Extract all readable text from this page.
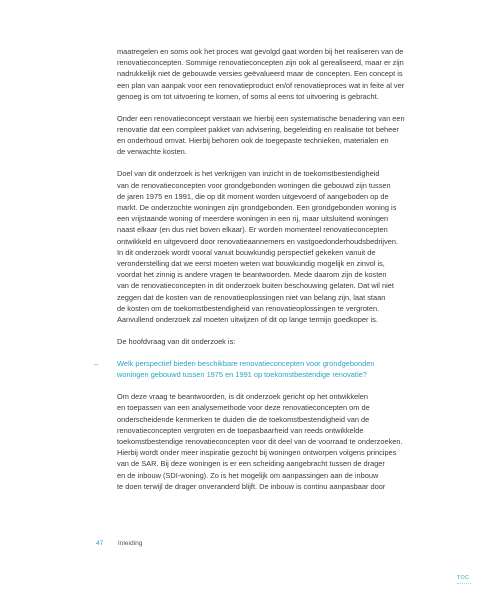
maatregelen en soms ook het proces wat gevolgd gaat worden bij het realiseren van de
renovatieconcepten. Sommige renovatieconcepten zijn ook al gerealiseerd, maar er zijn
nadrukkelijk niet de gebouwde versies geëvalueerd maar de concepten. Een concept is
een plan van aanpak voor een renovatieproduct en/of renovatieproces wat in feite al ver
genoeg is om tot uitvoering te komen, of soms al eens tot uitvoering is gebracht.
Onder een renovatieconcept verstaan we hierbij een systematische benadering van een
renovatie dat een compleet pakket van advisering, begeleiding en realisatie tot beheer
en onderhoud omvat. Hierbij behoren ook de toegepaste technieken, materialen en
de verwachte kosten.
Doel van dit onderzoek is het verkrijgen van inzicht in de toekomstbestendigheid
van de renovatieconcepten voor grondgebonden woningen die gebouwd zijn tussen
de jaren 1975 en 1991, die op dit moment worden uitgevoerd of aangeboden op de
markt. De onderzochte woningen zijn grondgebonden. Een grondgebonden woning is
een vrijstaande woning of meerdere woningen in een rij, maar uitsluitend woningen
naast elkaar (en dus niet boven elkaar). Er worden momenteel renovatieconcepten
ontwikkeld en uitgevoerd door renovatieaannemers en vastgoedonderhoudsbedrijven.
In dit onderzoek wordt vooral vanuit bouwkundig perspectief gekeken vanuit de
veronderstelling dat we eerst moeten weten wat bouwkundig mogelijk en zinvol is,
voordat het zinnig is andere vragen te beantwoorden. Mede daarom zijn de kosten
van de renovatieconcepten in dit onderzoek buiten beschouwing gelaten. Dat wil niet
zeggen dat de kosten van de renovatieoplossingen niet van belang zijn, laat staan
de kosten om de toekomstbestendigheid van renovatieoplossingen te vergroten.
Aanvullend onderzoek zal moeten uitwijzen of dit op lange termijn goedkoper is.
De hoofdvraag van dit onderzoek is:
–	Welk perspectief bieden beschikbare renovatieconcepten voor grondgebonden
woningen gebouwd tussen 1975 en 1991 op toekomstbestendige renovatie?
Om deze vraag te beantwoorden, is dit onderzoek gericht op het ontwikkelen
en toepassen van een analysemethode voor deze renovatieconcepten om de
onderscheidende kenmerken te duiden die de toekomstbestendigheid van de
renovatieconcepten vergroten en de toepasbaarheid van reeds ontwikkelde
toekomstbestendige renovatieconcepten voor dit deel van de voorraad te onderzoeken.
Hierbij wordt onder meer inspiratie gezocht bij woningen ontworpen volgens principes
van de SAR. Bij deze woningen is er een scheiding aangebracht tussen de drager
en de inbouw (SDI-woning). Zo is het mogelijk om aanpassingen aan de inbouw
te doen terwijl de drager onveranderd blijft. De inbouw is continu aanpasbaar door
47 Inleiding
TOC
